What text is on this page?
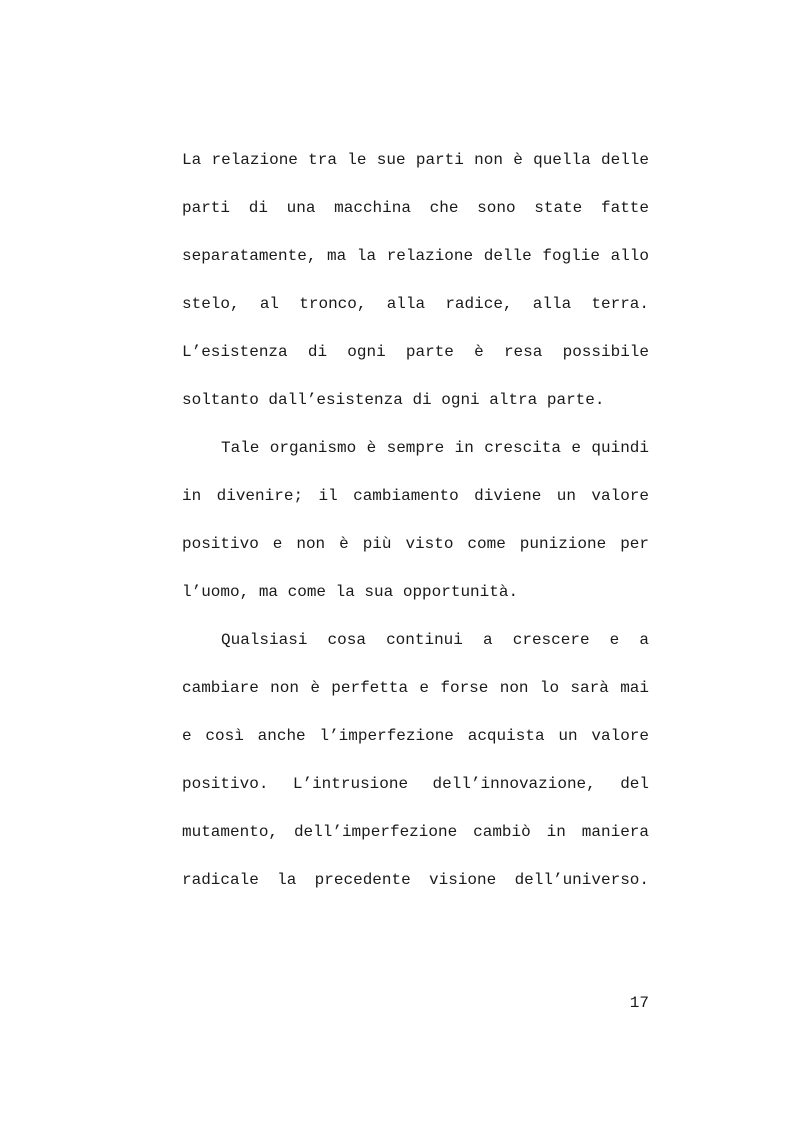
La relazione tra le sue parti non è quella delle
parti di una macchina che sono state fatte
separatamente, ma la relazione delle foglie allo
stelo, al tronco, alla radice, alla terra.
L’esistenza di ogni parte è resa possibile
soltanto dall’esistenza di ogni altra parte.
Tale organismo è sempre in crescita e quindi
in divenire; il cambiamento diviene un valore
positivo e non è più visto come punizione per
l’uomo, ma come la sua opportunità.
Qualsiasi cosa continui a crescere e a
cambiare non è perfetta e forse non lo sarà mai
e così anche l’imperfezione acquista un valore
positivo. L’intrusione dell’innovazione, del
mutamento, dell’imperfezione cambiò in maniera
radicale la precedente visione dell’universo.
17
